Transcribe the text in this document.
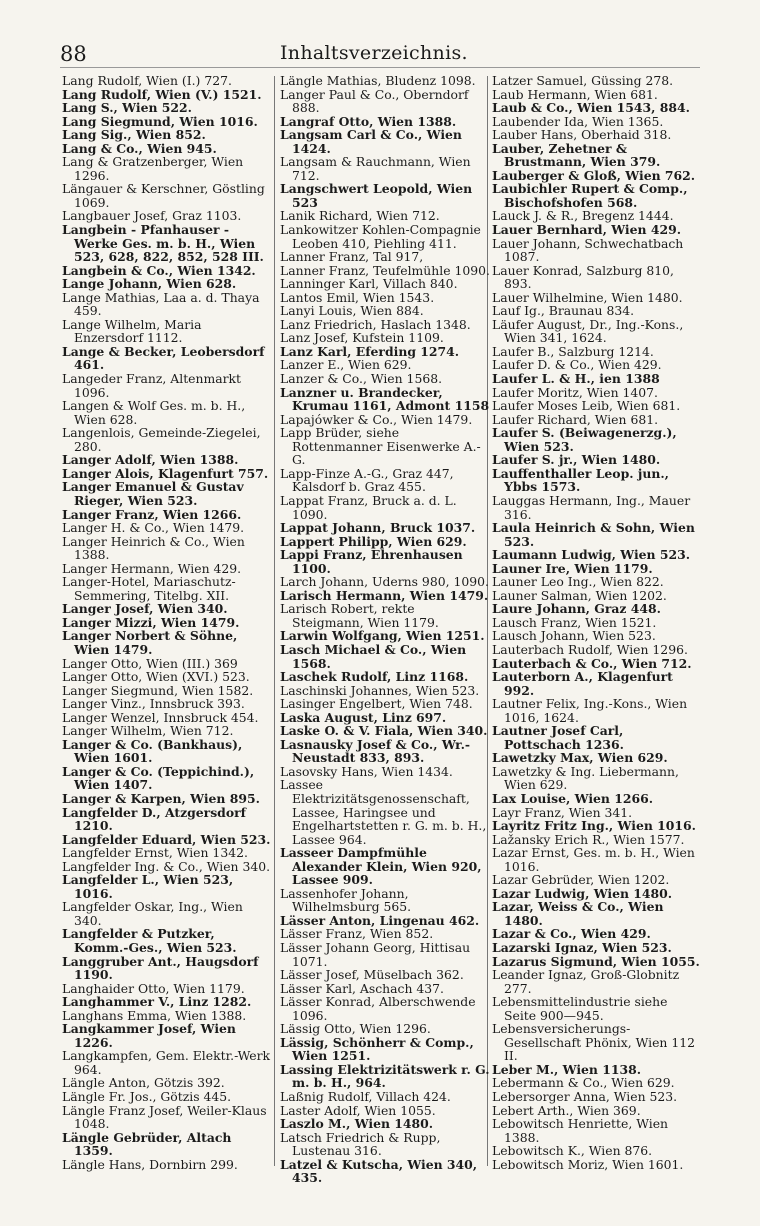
88	Inhaltsverzeichnis.

Lang Rudolf, Wien (I.) 727.

Lang Rudolf, Wien (V.) 1521.

Lang S., Wien 522.

Lang Siegmund, Wien 1016.

Lang Sig., Wien 852.

Lang & Co., Wien 945.

Lang & Gratzenberger, Wien 1296.

Längauer & Kerschner, Göstling 1069.

Langbauer Josef, Graz 1103.

Langbein - Pfanhauser - Werke Ges. m. b. H., Wien 523, 628, 822, 852, 528 III.

Langbein & Co., Wien 1342.

Lange Johann, Wien 628.

Lange Mathias, Laa a. d. Thaya 459.

Lange Wilhelm, Maria Enzersdorf 1112.

Lange & Becker, Leobersdorf 461.

Langeder Franz, Altenmarkt 1096.

Langen & Wolf Ges. m. b. H., Wien 628.

Langenlois, Gemeinde-Ziegelei, 280.

Langer Adolf, Wien 1388.

Langer Alois, Klagenfurt 757.

Langer Emanuel & Gustav Rieger, Wien 523.

Langer Franz, Wien 1266.

Langer H. & Co., Wien 1479.

Langer Heinrich & Co., Wien 1388.

Langer Hermann, Wien 429.

Langer-Hotel, Mariaschutz-Semmering, Titelbg. XII.

Langer Josef, Wien 340.

Langer Mizzi, Wien 1479.

Langer Norbert & Söhne, Wien 1479.

Langer Otto, Wien (III.) 369

Langer Otto, Wien (XVI.) 523.

Langer Siegmund, Wien 1582.

Langer Vinz., Innsbruck 393.

Langer Wenzel, Innsbruck 454.

Langer Wilhelm, Wien 712.

Langer & Co. (Bankhaus), Wien 1601.

Langer & Co. (Teppichind.), Wien 1407.

Langer & Karpen, Wien 895.

Langfelder D., Atzgersdorf 1210.

Langfelder Eduard, Wien 523.

Langfelder Ernst, Wien 1342.

Langfelder Ing. & Co., Wien 340.

Langfelder L., Wien 523, 1016.

Langfelder Oskar, Ing., Wien 340.

Langfelder & Putzker, Komm.-Ges., Wien 523.

Langgruber Ant., Haugsdorf 1190.

Langhaider Otto, Wien 1179.

Langhammer V., Linz 1282.

Langhans Emma, Wien 1388.

Langkammer Josef, Wien 1226.

Langkampfen, Gem. Elektr.-Werk 964.

Längle Anton, Götzis 392.

Längle Fr. Jos., Götzis 445.

Längle Franz Josef, Weiler-Klaus 1048.

Längle Gebrüder, Altach 1359.

Längle Hans, Dornbirn 299.

Längle Mathias, Bludenz 1098.

Langer Paul & Co., Oberndorf 888.

Langraf Otto, Wien 1388.

Langsam Carl & Co., Wien 1424.

Langsam & Rauchmann, Wien 712.

Langschwert Leopold, Wien 523

Lanik Richard, Wien 712.

Lankowitzer Kohlen-Compagnie Leoben 410, Piehling 411.

Lanner Franz, Tal 917,

Lanner Franz, Teufelmühle 1090.

Lanninger Karl, Villach 840.

Lantos Emil, Wien 1543.

Lanyi Louis, Wien 884.

Lanz Friedrich, Haslach 1348.

Lanz Josef, Kufstein 1109.

Lanz Karl, Eferding 1274.

Lanzer E., Wien 629.

Lanzer & Co., Wien 1568.

Lanzner u. Brandecker, Krumau 1161, Admont 1158

Lapajówker & Co., Wien 1479.

Lapp Brüder, siehe Rottenmanner Eisenwerke A.-G.

Lapp-Finze A.-G., Graz 447, Kalsdorf b. Graz 455.

Lappat Franz, Bruck a. d. L. 1090.

Lappat Johann, Bruck 1037.

Lappert Philipp, Wien 629.

Lappi Franz, Ehrenhausen 1100.

Larch Johann, Uderns 980, 1090.

Larisch Hermann, Wien 1479.

Larisch Robert, rekte Steigmann, Wien 1179.

Larwin Wolfgang, Wien 1251.

Lasch Michael & Co., Wien 1568.

Laschek Rudolf, Linz 1168.

Laschinski Johannes, Wien 523.

Lasinger Engelbert, Wien 748.

Laska August, Linz 697.

Laske O. & V. Fiala, Wien 340.

Lasnausky Josef & Co., Wr.-Neustadt 833, 893.

Lasovsky Hans, Wien 1434.

Lassee Elektrizitätsgenossenschaft, Lassee, Haringsee und Engelhartstetten r. G. m. b. H., Lassee 964.

Lasseer Dampfmühle Alexander Klein, Wien 920, Lassee 909.

Lassenhofer Johann, Wilhelmsburg 565.

Lässer Anton, Lingenau 462.

Lässer Franz, Wien 852.

Lässer Johann Georg, Hittisau 1071.

Lässer Josef, Müselbach 362.

Lässer Karl, Aschach 437.

Lässer Konrad, Alberschwende 1096.

Lässig Otto, Wien 1296.

Lässig, Schönherr & Comp., Wien 1251.

Lassing Elektrizitätswerk r. G. m. b. H., 964.

Laßnig Rudolf, Villach 424.

Laster Adolf, Wien 1055.

Laszlo M., Wien 1480.

Latsch Friedrich & Rupp, Lustenau 316.

Latzel & Kutscha, Wien 340, 435.

Latzer Samuel, Güssing 278.

Laub Hermann, Wien 681.

Laub & Co., Wien 1543, 884.

Laubender Ida, Wien 1365.

Lauber Hans, Oberhaid 318.

Lauber, Zehetner & Brustmann, Wien 379.

Lauberger & Gloß, Wien 762.

Laubichler Rupert & Comp., Bischofshofen 568.

Lauck J. & R., Bregenz 1444.

Lauer Bernhard, Wien 429.

Lauer Johann, Schwechatbach 1087.

Lauer Konrad, Salzburg 810, 893.

Lauer Wilhelmine, Wien 1480.

Lauf Ig., Braunau 834.

Läufer August, Dr., Ing.-Kons., Wien 341, 1624.

Laufer B., Salzburg 1214.

Laufer D. & Co., Wien 429.

Laufer L. & H., ien 1388

Laufer Moritz, Wien 1407.

Laufer Moses Leib, Wien 681.

Laufer Richard, Wien 681.

Laufer S. (Beiwagenerzg.), Wien 523.

Laufer S. jr., Wien 1480.

Lauffenthaller Leop. jun., Ybbs 1573.

Lauggas Hermann, Ing., Mauer 316.

Laula Heinrich & Sohn, Wien 523.

Laumann Ludwig, Wien 523.

Launer Ire, Wien 1179.

Launer Leo Ing., Wien 822.

Launer Salman, Wien 1202.

Laure Johann, Graz 448.

Lausch Franz, Wien 1521.

Lausch Johann, Wien 523.

Lauterbach Rudolf, Wien 1296.

Lauterbach & Co., Wien 712.

Lauterborn A., Klagenfurt 992.

Lautner Felix, Ing.-Kons., Wien 1016, 1624.

Lautner Josef Carl, Pottschach 1236.

Lawetzky Max, Wien 629.

Lawetzky & Ing. Liebermann, Wien 629.

Lax Louise, Wien 1266.

Layr Franz, Wien 341.

Layritz Fritz Ing., Wien 1016.

Lažansky Erich R., Wien 1577.

Lazar Ernst, Ges. m. b. H., Wien 1016.

Lazar Gebrüder, Wien 1202.

Lazar Ludwig, Wien 1480.

Lazar, Weiss & Co., Wien 1480.

Lazar & Co., Wien 429.

Lazarski Ignaz, Wien 523.

Lazarus Sigmund, Wien 1055.

Leander Ignaz, Groß-Globnitz 277.

Lebensmittelindustrie siehe Seite 900—945.

Lebensversicherungs-Gesellschaft Phönix, Wien 112 II.

Leber M., Wien 1138.

Lebermann & Co., Wien 629.

Lebersorger Anna, Wien 523.

Lebert Arth., Wien 369.

Lebowitsch Henriette, Wien 1388.

Lebowitsch K., Wien 876.

Lebowitsch Moriz, Wien 1601.
